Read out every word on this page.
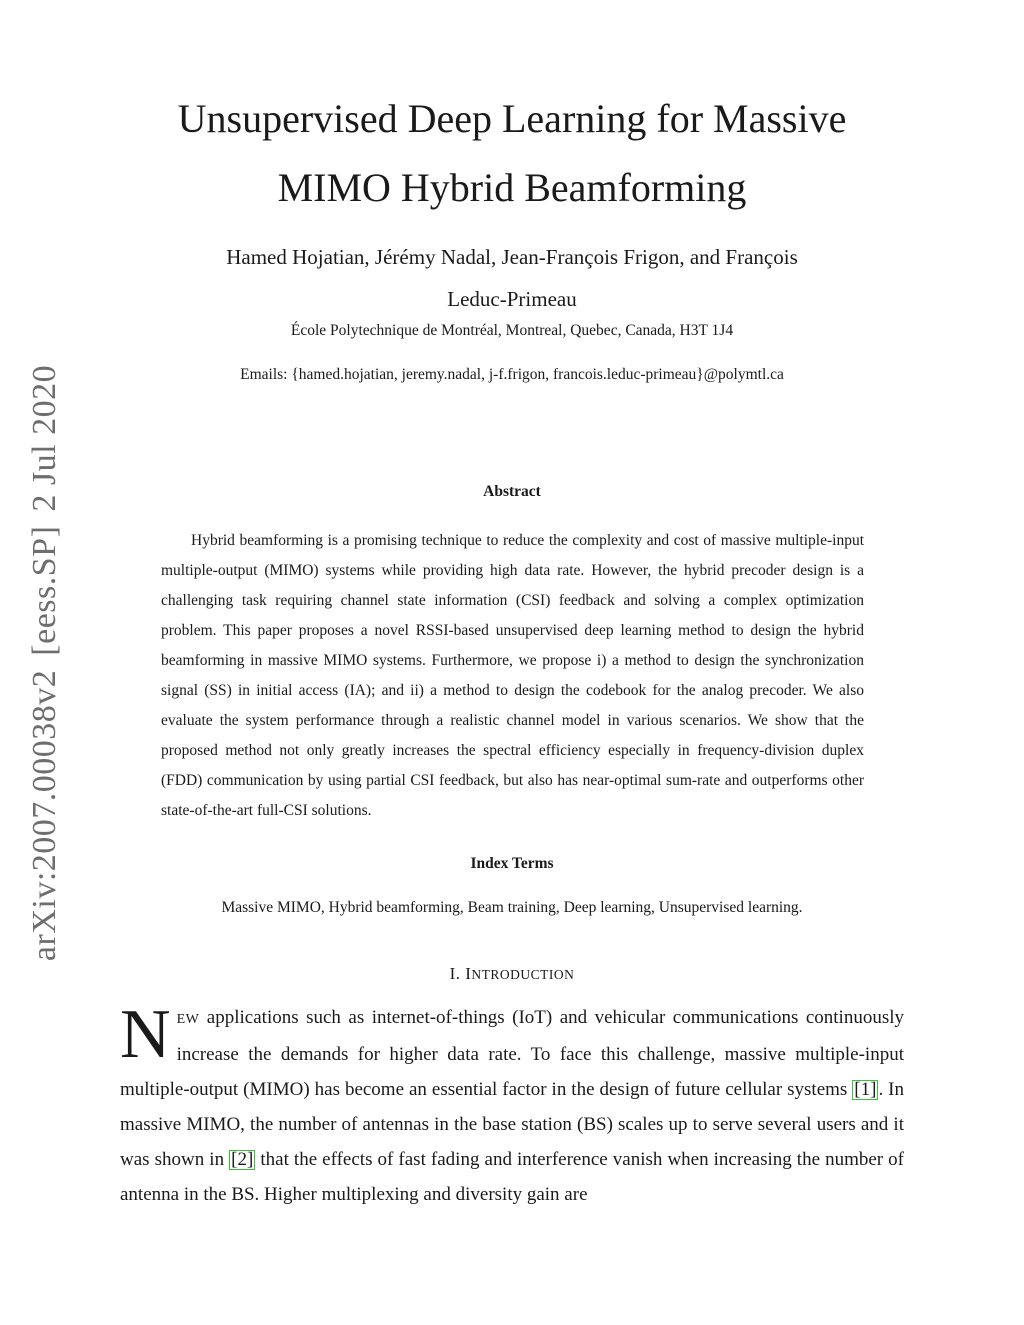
arXiv:2007.00038v2[eess.SP]2 Jul 2020
Unsupervised Deep Learning for Massive
MIMO Hybrid Beamforming
Hamed Hojatian, Jérémy Nadal, Jean-François Frigon, and François
Leduc-Primeau
École Polytechnique de Montréal, Montreal, Quebec, Canada, H3T 1J4
Emails: {hamed.hojatian, jeremy.nadal, j-f.frigon, francois.leduc-primeau}@polymtl.ca
Abstract
Hybrid beamforming is a promising technique to reduce the complexity and cost of massive multiple-input multiple-output (MIMO) systems while providing high data rate. However, the hybrid precoder design is a challenging task requiring channel state information (CSI) feedback and solving a complex optimization problem. This paper proposes a novel RSSI-based unsupervised deep learning method to design the hybrid beamforming in massive MIMO systems. Furthermore, we propose i) a method to design the synchronization signal (SS) in initial access (IA); and ii) a method to design the codebook for the analog precoder. We also evaluate the system performance through a realistic channel model in various scenarios. We show that the proposed method not only greatly increases the spectral efficiency especially in frequency-division duplex (FDD) communication by using partial CSI feedback, but also has near-optimal sum-rate and outperforms other state-of-the-art full-CSI solutions.
Index Terms
Massive MIMO, Hybrid beamforming, Beam training, Deep learning, Unsupervised learning.
I. INTRODUCTION
NEW applications such as internet-of-things (IoT) and vehicular communications continuously increase the demands for higher data rate. To face this challenge, massive multiple-input multiple-output (MIMO) has become an essential factor in the design of future cellular systems [1] . In massive MIMO, the number of antennas in the base station (BS) scales up to serve several users and it was shown in [2] that the effects of fast fading and interference vanish when increasing the number of antenna in the BS. Higher multiplexing and diversity gain are
